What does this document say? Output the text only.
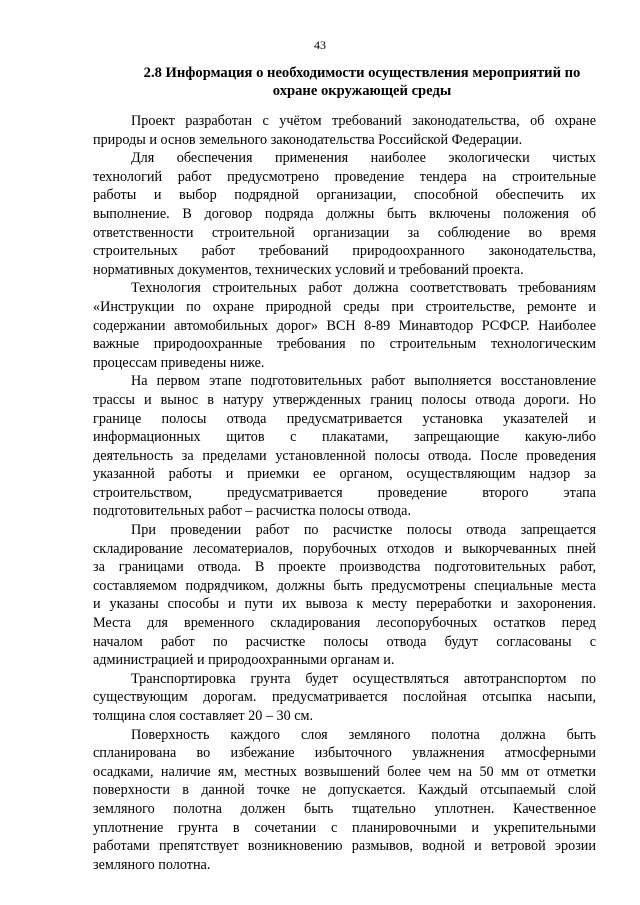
43
2.8 Информация о необходимости осуществления мероприятий по
охране окружающей среды
Проект разработан с учётом требований законодательства, об охране
природы и основ земельного законодательства Российской Федерации.
Для обеспечения применения наиболее экологически чистых
технологий работ предусмотрено проведение тендера на строительные
работы и выбор подрядной организации, способной обеспечить их
выполнение. В договор подряда должны быть включены положения об
ответственности строительной организации за соблюдение во время
строительных работ требований природоохранного законодательства,
нормативных документов, технических условий и требований проекта.
Технология строительных работ должна соответствовать требованиям
«Инструкции по охране природной среды при строительстве, ремонте и
содержании автомобильных дорог» ВСН 8-89 Минавтодор РСФСР. Наиболее
важные природоохранные требования по строительным технологическим
процессам приведены ниже.
На первом этапе подготовительных работ выполняется восстановление
трассы и вынос в натуру утвержденных границ полосы отвода дороги. Но
границе полосы отвода предусматривается установка указателей и
информационных щитов с плакатами, запрещающие какую-либо
деятельность за пределами установленной полосы отвода. После проведения
указанной работы и приемки ее органом, осуществляющим надзор за
строительством, предусматривается проведение второго этапа
подготовительных работ – расчистка полосы отвода.
При проведении работ по расчистке полосы отвода запрещается
складирование лесоматериалов, порубочных отходов и выкорчеванных пней
за границами отвода. В проекте производства подготовительных работ,
составляемом подрядчиком, должны быть предусмотрены специальные места
и указаны способы и пути их вывоза к месту переработки и захоронения.
Места для временного складирования лесопорубочных остатков перед
началом работ по расчистке полосы отвода будут согласованы с
администрацией и природоохранными органам и.
Транспортировка грунта будет осуществляться автотранспортом по
существующим дорогам. предусматривается послойная отсыпка насыпи,
толщина слоя составляет 20 – 30 см.
Поверхность каждого слоя земляного полотна должна быть
спланирована во избежание избыточного увлажнения атмосферными
осадками, наличие ям, местных возвышений более чем на 50 мм от отметки
поверхности в данной точке не допускается. Каждый отсыпаемый слой
земляного полотна должен быть тщательно уплотнен. Качественное
уплотнение грунта в сочетании с планировочными и укрепительными
работами препятствует возникновению размывов, водной и ветровой эрозии
земляного полотна.
